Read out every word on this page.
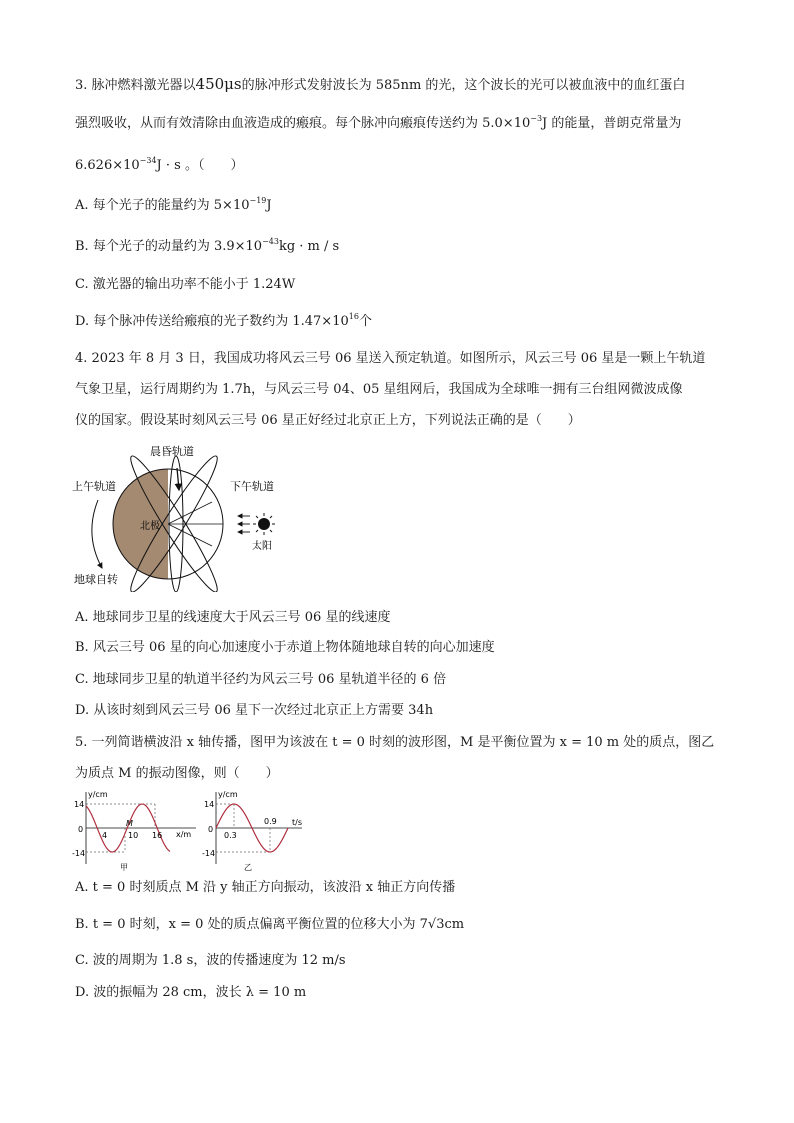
3. 脉冲燃料激光器以450μs的脉冲形式发射波长为 585nm 的光，这个波长的光可以被血液中的血红蛋白
强烈吸收，从而有效清除由血液造成的瘢痕。每个脉冲向瘢痕传送约为 $5.0\times 10^{-3}J$ 的能量，普朗克常量为
$6.626\times 10^{-34}J \cdot s$ 。（　　）
A. 每个光子的能量约为 $5\times 10^{-19}J$
B. 每个光子的动量约为 $3.9\times 10^{-43}kg \cdot m / s$
C. 激光器的输出功率不能小于 1.24W
D. 每个脉冲传送给瘢痕的光子数约为 $1.47\times 10^{16}$个
4. 2023 年 8 月 3 日，我国成功将风云三号 06 星送入预定轨道。如图所示，风云三号 06 星是一颗上午轨道
气象卫星，运行周期约为 1.7h，与风云三号 04、05 星组网后，我国成为全球唯一拥有三台组网微波成像
仪的国家。假设某时刻风云三号 06 星正好经过北京正上方，下列说法正确的是（　　）
晨昏轨道
上午轨道	下午轨道
北极
太阳
地球自转
A. 地球同步卫星的线速度大于风云三号 06 星的线速度
B. 风云三号 06 星的向心加速度小于赤道上物体随地球自转的向心加速度
C. 地球同步卫星的轨道半径约为风云三号 06 星轨道半径的 6 倍
D. 从该时刻到风云三号 06 星下一次经过北京正上方需要 34h
5. 一列简谐横波沿 x 轴传播，图甲为该波在 t = 0 时刻的波形图，M 是平衡位置为 x = 10 m 处的质点，图乙
为质点 M 的振动图像，则（　　）
y/cm
x/m
14
0
-14
4	10 16
M
甲
y/cm
t/s
14
0
-14
0.3
0.9
乙
A. t = 0 时刻质点 M 沿 y 轴正方向振动，该波沿 x 轴正方向传播
B. t = 0 时刻，x = 0 处的质点偏离平衡位置的位移大小为 7√3cm
C. 波的周期为 1.8 s，波的传播速度为 12 m/s
D. 波的振幅为 28 cm，波长 λ = 10 m
